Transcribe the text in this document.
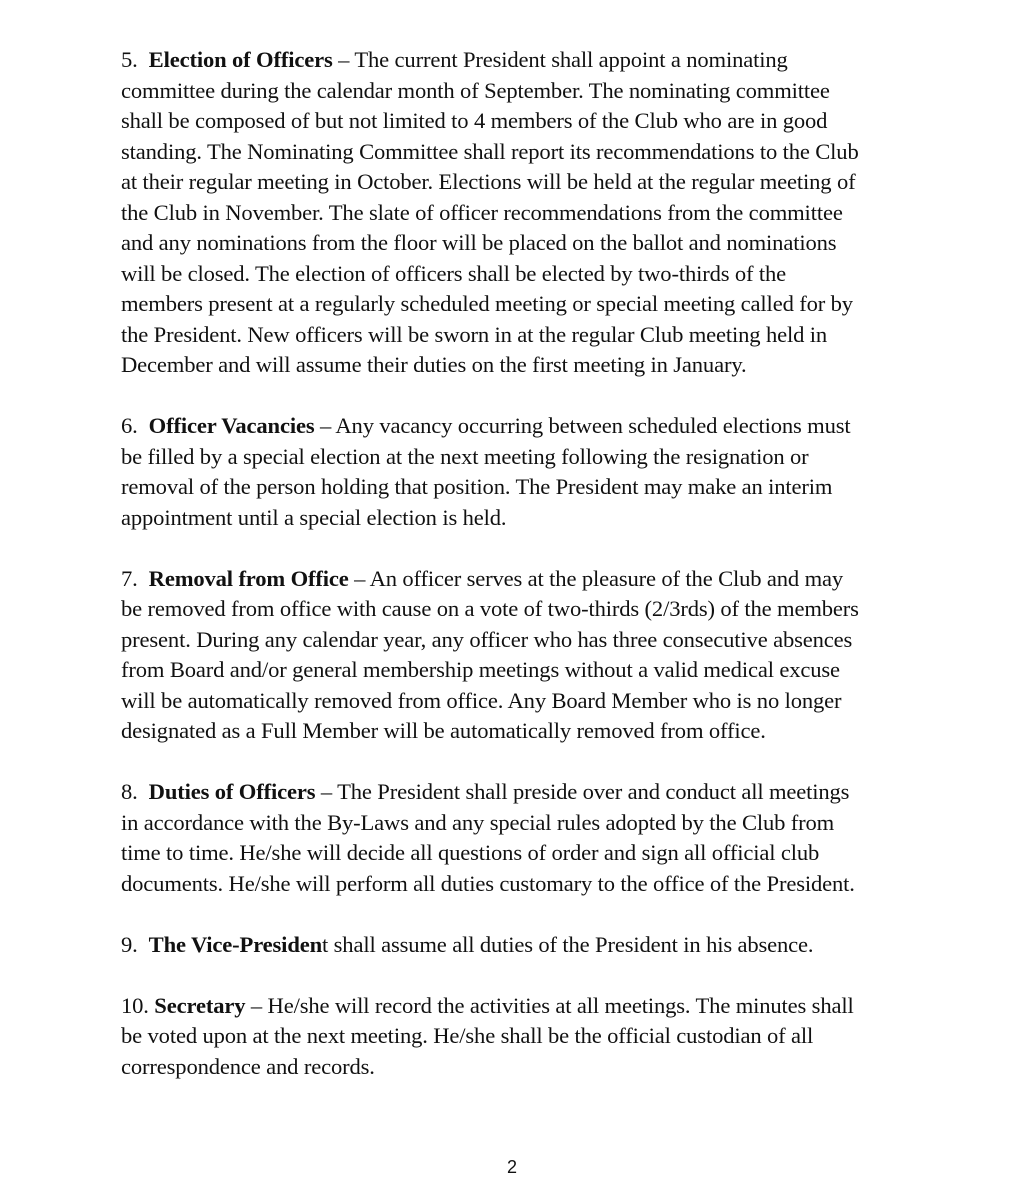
5. Election of Officers – The current President shall appoint a nominating
committee during the calendar month of September. The nominating committee
shall be composed of but not limited to 4 members of the Club who are in good
standing. The Nominating Committee shall report its recommendations to the Club
at their regular meeting in October. Elections will be held at the regular meeting of
the Club in November. The slate of officer recommendations from the committee
and any nominations from the floor will be placed on the ballot and nominations
will be closed. The election of officers shall be elected by two-thirds of the
members present at a regularly scheduled meeting or special meeting called for by
the President. New officers will be sworn in at the regular Club meeting held in
December and will assume their duties on the first meeting in January.
6. Officer Vacancies – Any vacancy occurring between scheduled elections must
be filled by a special election at the next meeting following the resignation or
removal of the person holding that position. The President may make an interim
appointment until a special election is held.
7. Removal from Office – An officer serves at the pleasure of the Club and may
be removed from office with cause on a vote of two-thirds (2/3rds) of the members
present. During any calendar year, any officer who has three consecutive absences
from Board and/or general membership meetings without a valid medical excuse
will be automatically removed from office. Any Board Member who is no longer
designated as a Full Member will be automatically removed from office.
8. Duties of Officers – The President shall preside over and conduct all meetings
in accordance with the By-Laws and any special rules adopted by the Club from
time to time. He/she will decide all questions of order and sign all official club
documents. He/she will perform all duties customary to the office of the President.
9. The Vice-President shall assume all duties of the President in his absence.
10. Secretary – He/she will record the activities at all meetings. The minutes shall
be voted upon at the next meeting. He/she shall be the official custodian of all
correspondence and records.
2
